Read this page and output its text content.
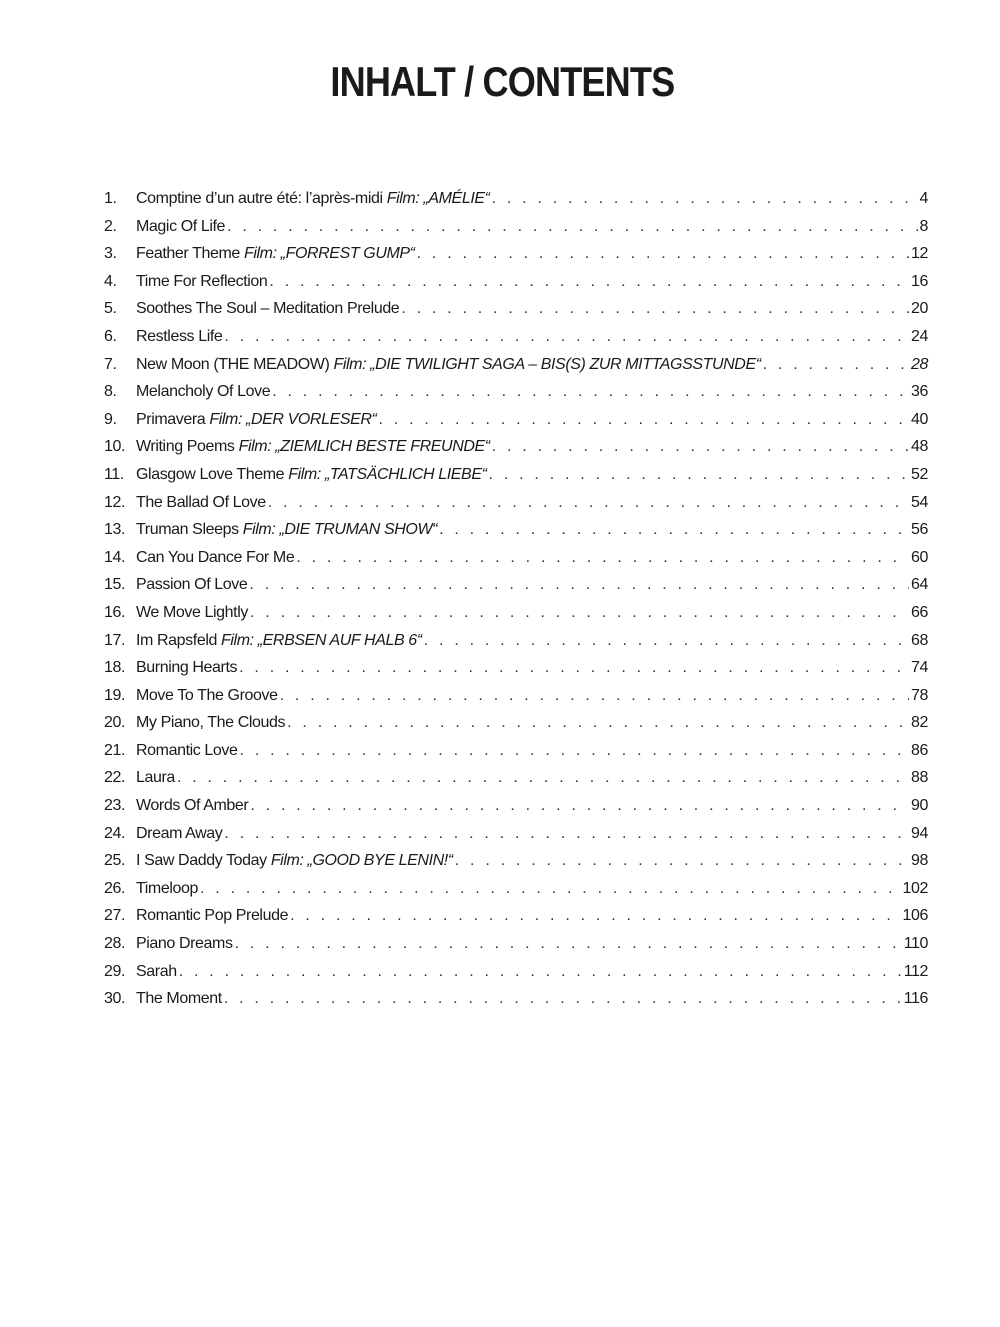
INHALT / CONTENTS
1.	Comptine d’un autre été: l’après-midi Film: „AMÉLIE“ . . .	4
2.	Magic Of Life . . .	8
3.	Feather Theme Film: „FORREST GUMP“ . . .	12
4.	Time For Reflection . . .	16
5.	Soothes The Soul – Meditation Prelude . . .	20
6.	Restless Life . . .	24
7.	New Moon (THE MEADOW) Film: „DIE TWILIGHT SAGA – BIS(S) ZUR MITTAGSSTUNDE“ . . .	28
8.	Melancholy Of Love . . .	36
9.	Primavera Film: „DER VORLESER“ . . .	40
10. Writing Poems Film: „ZIEMLICH BESTE FREUNDE“ . . .	48
11. Glasgow Love Theme Film: „TATSÄCHLICH LIEBE“ . . .	52
12. The Ballad Of Love . . .	54
13. Truman Sleeps Film: „DIE TRUMAN SHOW“ . . .	56
14. Can You Dance For Me . . .	60
15. Passion Of Love . . .	64
16. We Move Lightly . . .	66
17. Im Rapsfeld Film: „ERBSEN AUF HALB 6“ . . .	68
18. Burning Hearts . . .	74
19. Move To The Groove . . .	78
20. My Piano, The Clouds . . .	82
21. Romantic Love . . .	86
22. Laura . . .	88
23. Words Of Amber . . .	90
24. Dream Away . . .	94
25. I Saw Daddy Today Film: „GOOD BYE LENIN!“ . . .	98
26. Timeloop . . .	102
27. Romantic Pop Prelude . . .	106
28. Piano Dreams . . .	110
29. Sarah . . .	112
30. The Moment . . .	116
